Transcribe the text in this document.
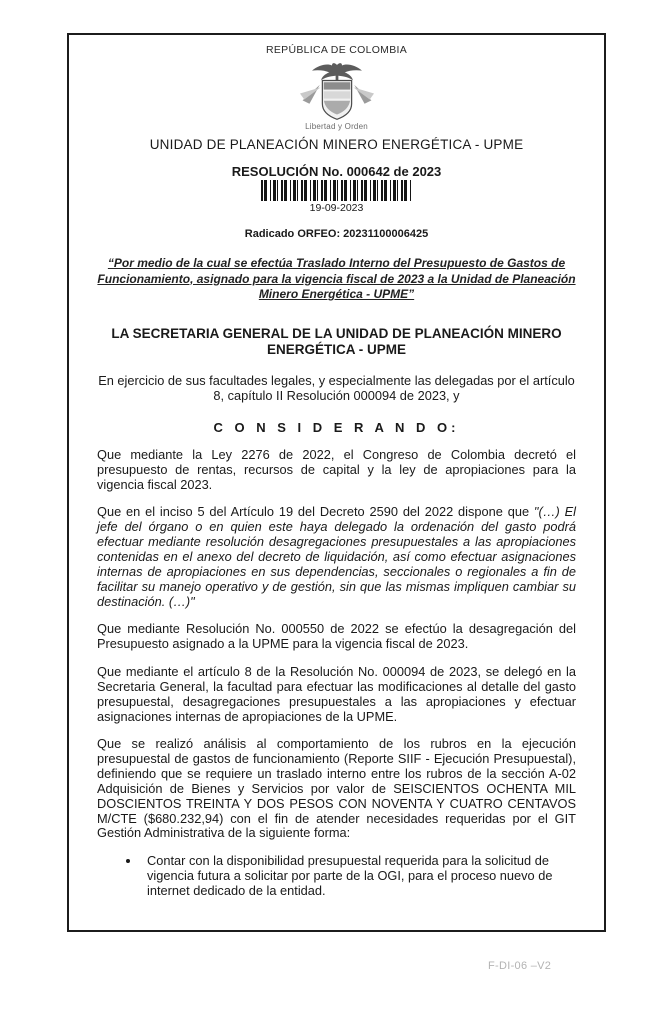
REPÚBLICA DE COLOMBIA
Libertad y Orden
UNIDAD DE PLANEACIÓN MINERO ENERGÉTICA - UPME
RESOLUCIÓN No. 000642 de 2023
19-09-2023
Radicado ORFEO: 20231100006425
“Por medio de la cual se efectúa Traslado Interno del Presupuesto de Gastos de Funcionamiento, asignado para la vigencia fiscal de 2023 a la Unidad de Planeación Minero Energética - UPME”
LA SECRETARIA GENERAL DE LA UNIDAD DE PLANEACIÓN MINERO ENERGÉTICA - UPME
En ejercicio de sus facultades legales, y especialmente las delegadas por el artículo 8, capítulo II Resolución 000094 de 2023, y
C O N S I D E R A N D O:

Que mediante la Ley 2276 de 2022, el Congreso de Colombia decretó el presupuesto de rentas, recursos de capital y la ley de apropiaciones para la vigencia fiscal 2023.

Que en el inciso 5 del Artículo 19 del Decreto 2590 del 2022 dispone que "(…) El jefe del órgano o en quien este haya delegado la ordenación del gasto podrá efectuar mediante resolución desagregaciones presupuestales a las apropiaciones contenidas en el anexo del decreto de liquidación, así como efectuar asignaciones internas de apropiaciones en sus dependencias, seccionales o regionales a fin de facilitar su manejo operativo y de gestión, sin que las mismas impliquen cambiar su destinación. (…)"

Que mediante Resolución No. 000550 de 2022 se efectúo la desagregación del Presupuesto asignado a la UPME para la vigencia fiscal de 2023.

Que mediante el artículo 8 de la Resolución No. 000094 de 2023, se delegó en la Secretaria General, la facultad para efectuar las modificaciones al detalle del gasto presupuestal, desagregaciones presupuestales a las apropiaciones y efectuar asignaciones internas de apropiaciones de la UPME.

Que se realizó análisis al comportamiento de los rubros en la ejecución presupuestal de gastos de funcionamiento (Reporte SIIF - Ejecución Presupuestal), definiendo que se requiere un traslado interno entre los rubros de la sección A-02 Adquisición de Bienes y Servicios por valor de SEISCIENTOS OCHENTA MIL DOSCIENTOS TREINTA Y DOS PESOS CON NOVENTA Y CUATRO CENTAVOS M/CTE ($680.232,94) con el fin de atender necesidades requeridas por el GIT Gestión Administrativa de la siguiente forma:

• Contar con la disponibilidad presupuestal requerida para la solicitud de vigencia futura a solicitar por parte de la OGI, para el proceso nuevo de internet dedicado de la entidad.
F-DI-06 –V2
